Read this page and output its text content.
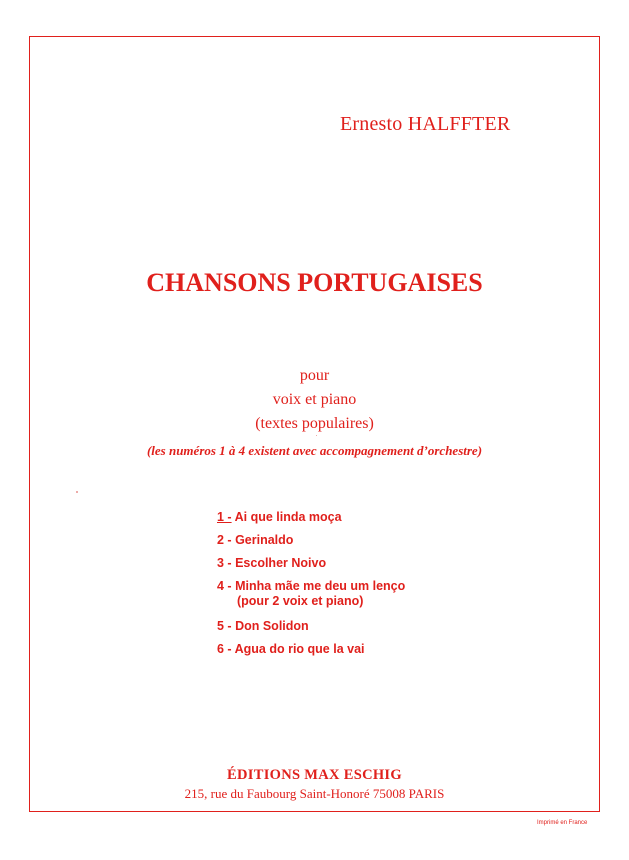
Ernesto HALFFTER
CHANSONS PORTUGAISES
pour
voix et piano
(textes populaires)
(les numéros 1 à 4 existent avec accompagnement d’orchestre)
1 - Ai que linda moça
2 - Gerinaldo
3 - Escolher Noivo
4 - Minha mãe me deu um lenço
(pour 2 voix et piano)
5 - Don Solidon
6 - Agua do rio que la vai
ÉDITIONS MAX ESCHIG
215, rue du Faubourg Saint-Honoré 75008 PARIS
Imprimé en France
